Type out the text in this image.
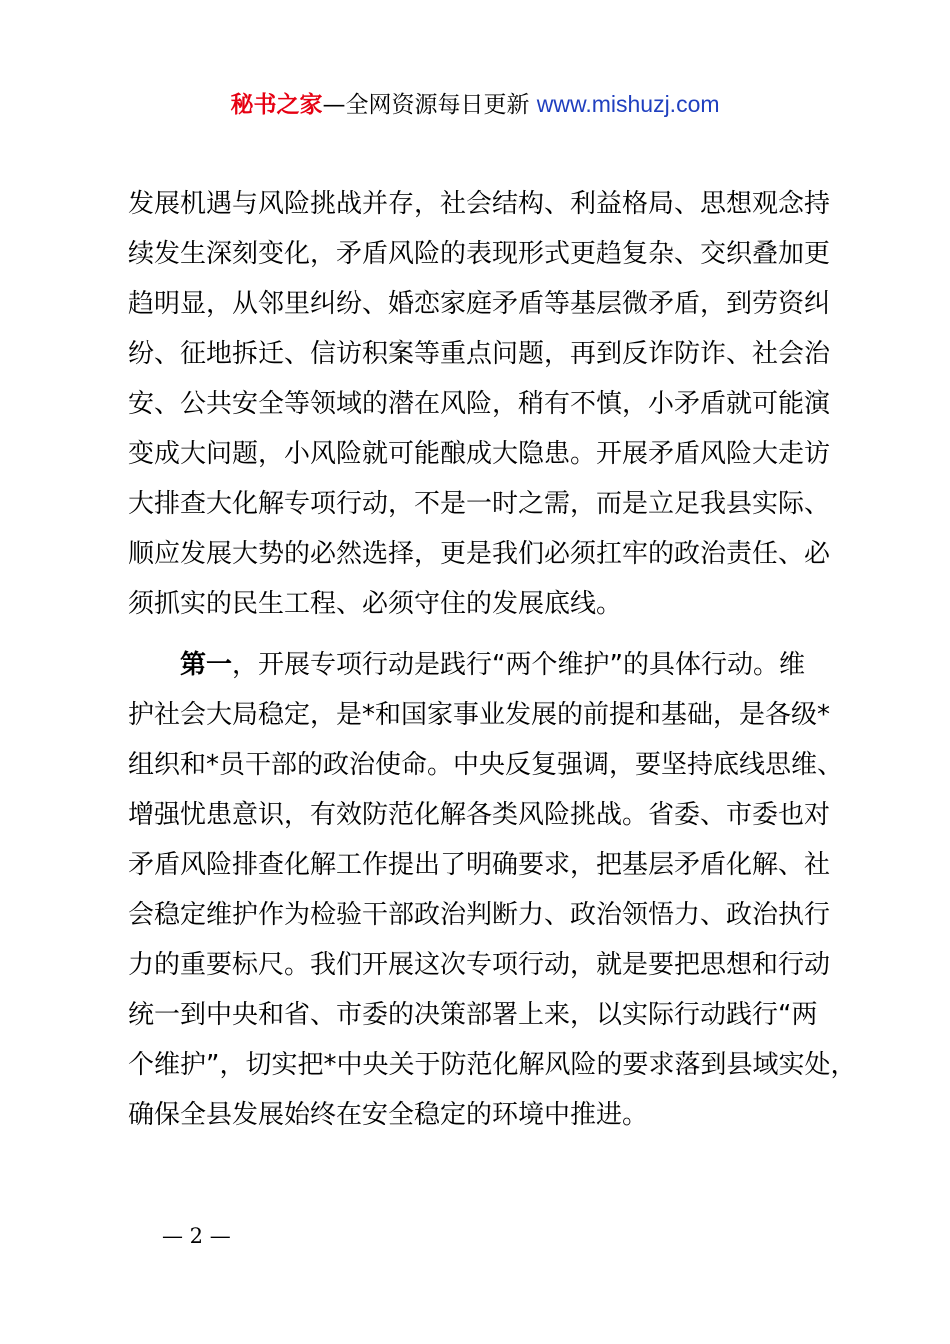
秘书之家—全网资源每日更新 www.mishuzj.com
发展机遇与风险挑战并存，社会结构、利益格局、思想观念持
续发生深刻变化，矛盾风险的表现形式更趋复杂、交织叠加更
趋明显，从邻里纠纷、婚恋家庭矛盾等基层微矛盾，到劳资纠
纷、征地拆迁、信访积案等重点问题，再到反诈防诈、社会治
安、公共安全等领域的潜在风险，稍有不慎，小矛盾就可能演
变成大问题，小风险就可能酿成大隐患。开展矛盾风险大走访
大排查大化解专项行动，不是一时之需，而是立足我县实际、
顺应发展大势的必然选择，更是我们必须扛牢的政治责任、必
须抓实的民生工程、必须守住的发展底线。
第一，开展专项行动是践行“两个维护”的具体行动。维
护社会大局稳定，是*和国家事业发展的前提和基础，是各级*
组织和*员干部的政治使命。中央反复强调，要坚持底线思维、
增强忧患意识，有效防范化解各类风险挑战。省委、市委也对
矛盾风险排查化解工作提出了明确要求，把基层矛盾化解、社
会稳定维护作为检验干部政治判断力、政治领悟力、政治执行
力的重要标尺。我们开展这次专项行动，就是要把思想和行动
统一到中央和省、市委的决策部署上来，以实际行动践行“两
个维护”，切实把*中央关于防范化解风险的要求落到县域实处，
确保全县发展始终在安全稳定的环境中推进。
— 2 —
